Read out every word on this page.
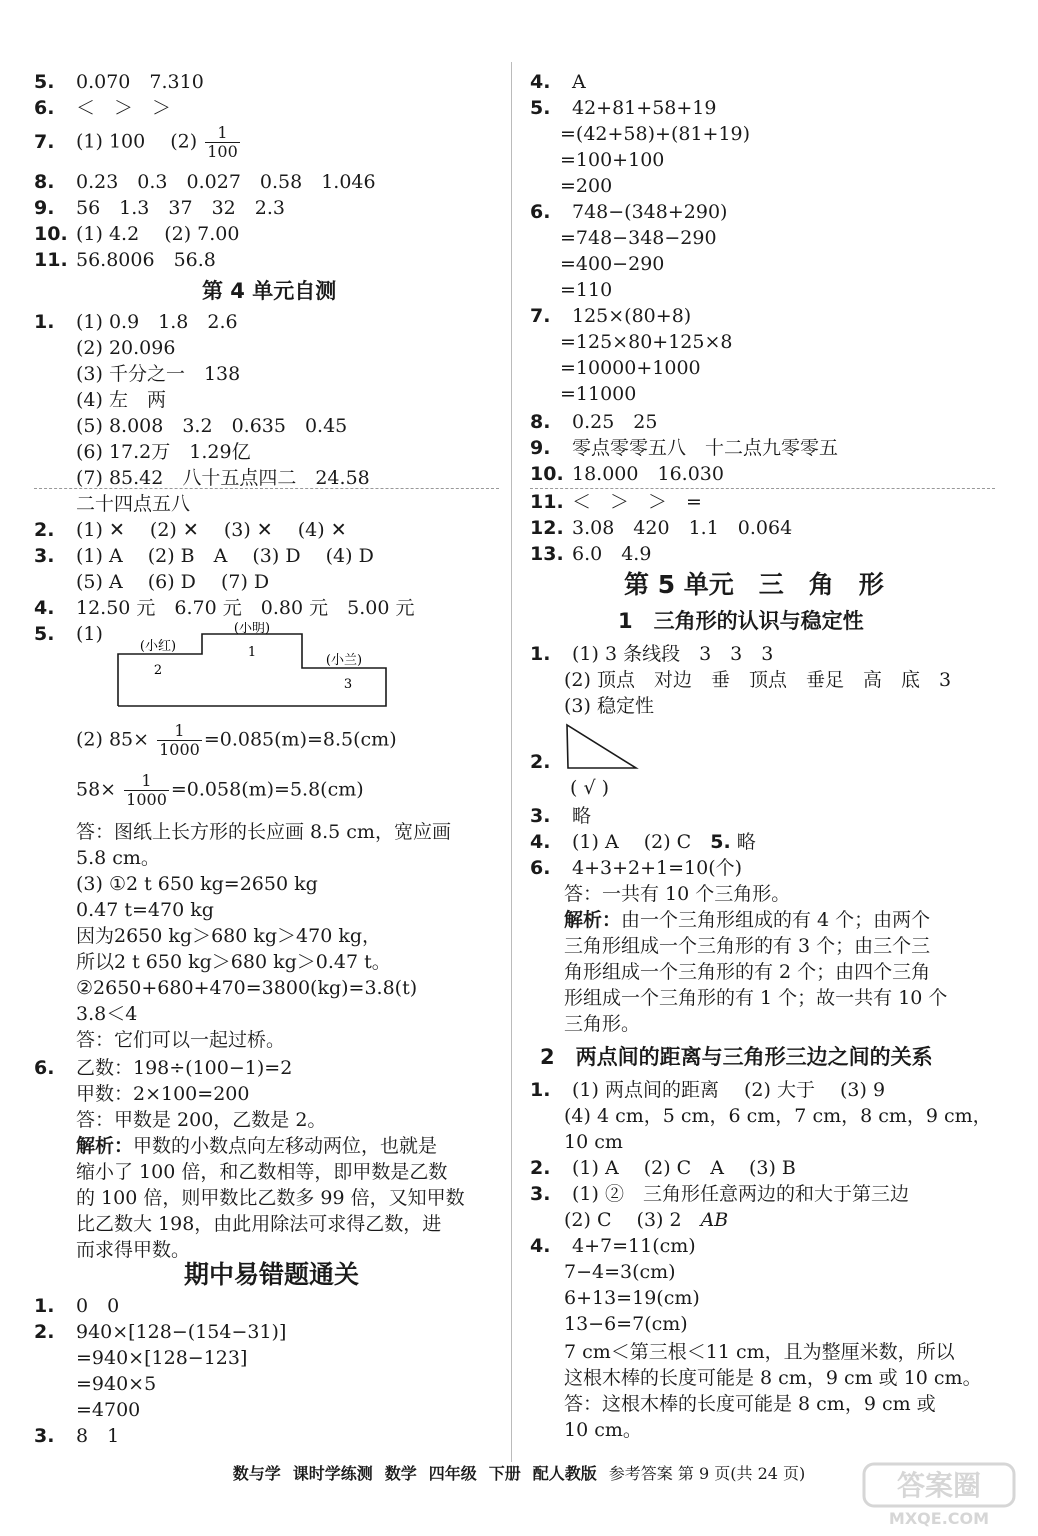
5. 0.070　7.310
6. ＜　＞　＞
7. (1) 100　 $(2) \frac{1}{100}$
8. 0.23　0.3　0.027　0.58　1.046
9. 56　1.3　37　32　2.3
10. (1) 4.2　 (2) 7.00
11. 56.8006　56.8
第 4 单元自测
1. (1) 0.9　1.8　2.6
(2) 20.096
(3) 千分之一　138
(4) 左　两
(5) 8.008　3.2　0.635　0.45
(6) 17.2万　1.29亿
(7) 85.42　八十五点四二　24.58
二十四点五八
2. (1) ✕　 (2) ✕　 (3) ✕　 (4) ✕
3. (1) A　 (2) B　A　 (3) D　 (4) D
(5) A　 (6) D　 (7) D
4. 12.50 元　6.70 元　0.80 元　5.00 元
5. (1)	(小明)
(小红)
(小兰)
1
2
3
(2) $85\times \frac{1}{1000} =0.085(m)=8.5(cm)$
$58\times \frac{1}{1000} =0.058(m)=5.8(cm)$
答：图纸上长方形的长应画 8.5 cm，宽应画
5.8 cm。
(3) ①2 t 650 kg=2650 kg
0.47 t=470 kg
因为2650 kg＞680 kg＞470 kg，
所以2 t 650 kg＞680 kg＞0.47 t。
②2650+680+470=3800(kg)=3.8(t)
3.8＜4
答：它们可以一起过桥。
6. 乙数：198÷(100−1)=2
甲数：2×100=200
答：甲数是 200，乙数是 2。
解析：甲数的小数点向左移动两位，也就是
缩小了 100 倍，和乙数相等，即甲数是乙数
的 100 倍，则甲数比乙数多 99 倍，又知甲数
比乙数大 198，由此用除法可求得乙数，进
而求得甲数。
期中易错题通关
1. 0　0
2. 940×[128−(154−31)]
=940×[128−123]
=940×5
=4700
3. 8　1
4. A
5. 42+81+58+19
=(42+58)+(81+19)
=100+100
=200
6. 748−(348+290)
=748−348−290
=400−290
=110
7. 125×(80+8)
=125×80+125×8
=10000+1000
=11000
8. 0.25　25
9. 零点零零五八　十二点九零零五
10. 18.000　16.030
11. ＜　＞　＞　=
12. 3.08　420　1.1　0.064
13. 6.0　4.9
第 5 单元　三　角　形
1　三角形的认识与稳定性
1. (1) 3 条线段　3　3　3
(2) 顶点　对边　垂　顶点　垂足　高　底　3
(3) 稳定性
2.
( √ )
3. 略
4. (1) A　 (2) C　5. 略
6. 4+3+2+1=10(个)
答：一共有 10 个三角形。
解析：由一个三角形组成的有 4 个；由两个
三角形组成一个三角形的有 3 个；由三个三
角形组成一个三角形的有 2 个；由四个三角
形组成一个三角形的有 1 个；故一共有 10 个
三角形。
2　两点间的距离与三角形三边之间的关系
1. (1) 两点间的距离　 (2) 大于　 (3) 9
(4) 4 cm，5 cm，6 cm，7 cm，8 cm，9 cm，
10 cm
2. (1) A　 (2) C　A　 (3) B
3. (1) ②　三角形任意两边的和大于第三边
(2) C　 (3) 2　AB
4. 4+7=11(cm)
7−4=3(cm)
6+13=19(cm)
13−6=7(cm)
7 cm＜第三根＜11 cm，且为整厘米数，所以
这根木棒的长度可能是 8 cm，9 cm 或 10 cm。
答：这根木棒的长度可能是 8 cm，9 cm 或
10 cm。
数与学 课时学练测 数学 四年级 下册 配人教版 参考答案 第 9 页(共 24 页)	答案圈
MXQE.COM
